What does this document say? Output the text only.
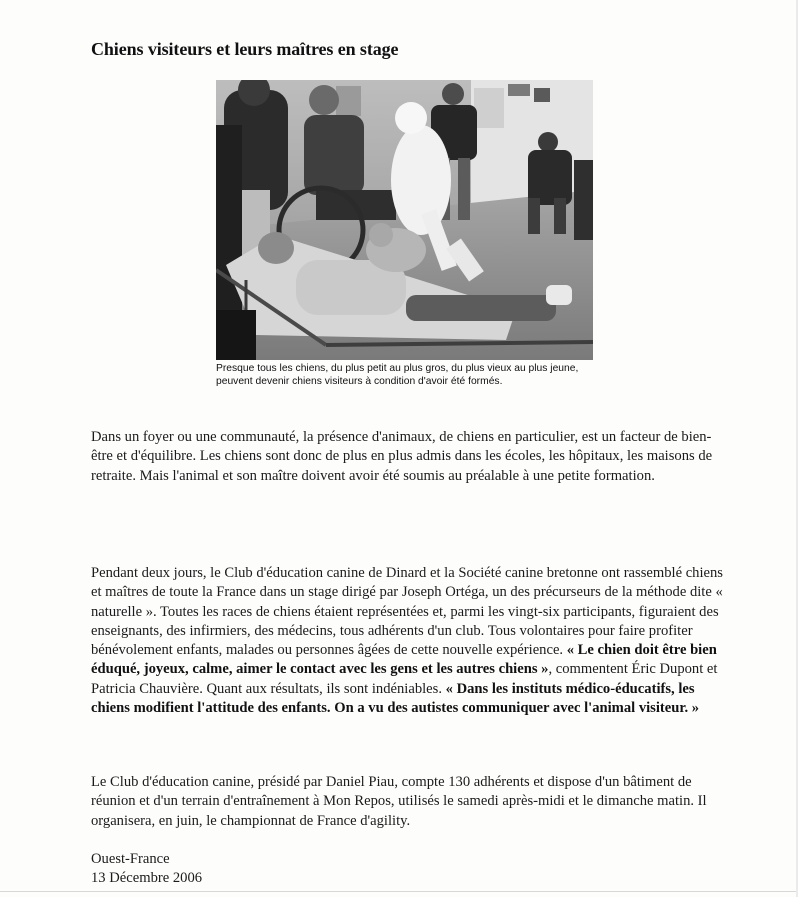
Chiens visiteurs et leurs maîtres en stage

Presque tous les chiens, du plus petit au plus gros, du plus vieux au plus jeune, peuvent devenir chiens visiteurs à condition d'avoir été formés.

Dans un foyer ou une communauté, la présence d'animaux, de chiens en particulier, est un facteur de bien-être et d'équilibre. Les chiens sont donc de plus en plus admis dans les écoles, les hôpitaux, les maisons de retraite. Mais l'animal et son maître doivent avoir été soumis au préalable à une petite formation.

Pendant deux jours, le Club d'éducation canine de Dinard et la Société canine bretonne ont rassemblé chiens et maîtres de toute la France dans un stage dirigé par Joseph Ortéga, un des précurseurs de la méthode dite « naturelle ». Toutes les races de chiens étaient représentées et, parmi les vingt-six participants, figuraient des enseignants, des infirmiers, des médecins, tous adhérents d'un club. Tous volontaires pour faire profiter bénévolement enfants, malades ou personnes âgées de cette nouvelle expérience. « Le chien doit être bien éduqué, joyeux, calme, aimer le contact avec les gens et les autres chiens », commentent Éric Dupont et Patricia Chauvière. Quant aux résultats, ils sont indéniables. « Dans les instituts médico-éducatifs, les chiens modifient l'attitude des enfants. On a vu des autistes communiquer avec l'animal visiteur. »

Le Club d'éducation canine, présidé par Daniel Piau, compte 130 adhérents et dispose d'un bâtiment de réunion et d'un terrain d'entraînement à Mon Repos, utilisés le samedi après-midi et le dimanche matin. Il organisera, en juin, le championnat de France d'agility.

Ouest-France
13 Décembre 2006
